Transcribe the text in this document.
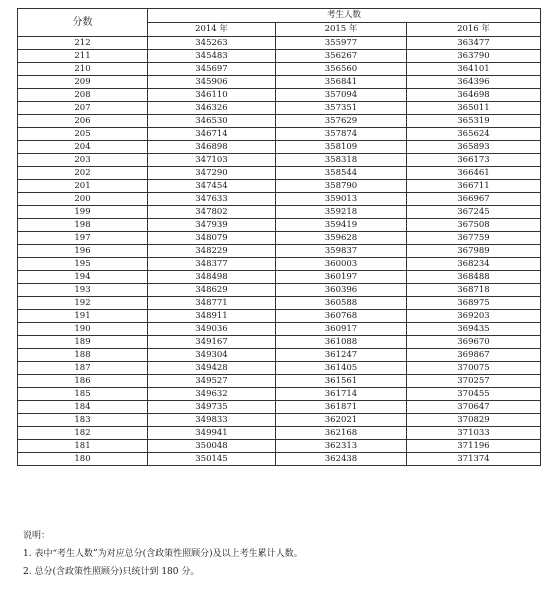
分数	考生人数		
	2014 年	2015 年	2016 年
212	345263	355977	363477
211	345483	356267	363790
210	345697	356560	364101
209	345906	356841	364396
208	346110	357094	364698
207	346326	357351	365011
206	346530	357629	365319
205	346714	357874	365624
204	346898	358109	365893
203	347103	358318	366173
202	347290	358544	366461
201	347454	358790	366711
200	347633	359013	366967
199	347802	359218	367245
198	347939	359419	367508
197	348079	359628	367759
196	348229	359837	367989
195	348377	360003	368234
194	348498	360197	368488
193	348629	360396	368718
192	348771	360588	368975
191	348911	360768	369203
190	349036	360917	369435
189	349167	361088	369670
188	349304	361247	369867
187	349428	361405	370075
186	349527	361561	370257
185	349632	361714	370455
184	349735	361871	370647
183	349833	362021	370829
182	349941	362168	371033
181	350048	362313	371196
180	350145	362438	371374
说明：
1. 表中“考生人数”为对应总分(含政策性照顾分)及以上考生累计人数。
2. 总分(含政策性照顾分)只统计到 180 分。
